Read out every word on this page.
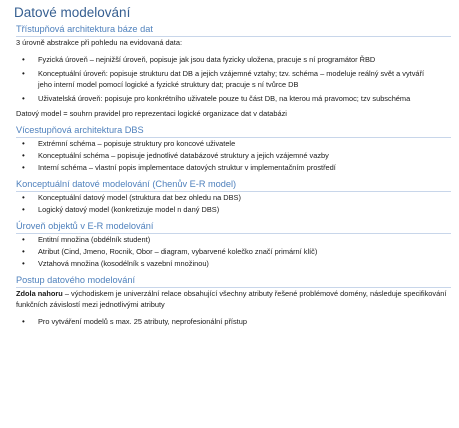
Datové modelování
Třístupňová architektura báze dat
3 úrovně abstrakce při pohledu na evidovaná data:
• Fyzická úroveň – nejnižší úroveň, popisuje jak jsou data fyzicky uložena, pracuje s ní programátor ŘBD
• Konceptuální úroveň: popisuje strukturu dat DB a jejich vzájemné vztahy; tzv. schéma – modeluje reálný svět a vytváří jeho interní model pomocí logické a fyzické struktury dat; pracuje s ní tvůrce DB
• Uživatelská úroveň: popisuje pro konkrétního uživatele pouze tu část DB, na kterou má pravomoc; tzv subschéma
Datový model = souhrn pravidel pro reprezentaci logické organizace dat v databázi
Vícestupňová architektura DBS
• Extrémní schéma – popisuje struktury pro koncové uživatele
• Konceptuální schéma – popisuje jednotlivé databázové struktury a jejich vzájemné vazby
• Interní schéma – vlastní popis implementace datových struktur v implementačním prostředí
Konceptuální datové modelování (Chenův E-R model)
• Konceptuální datový model (struktura dat bez ohledu na DBS)
• Logický datový model (konkretizuje model n daný DBS)
Úroveň objektů v E-R modelování
• Entitní množina (obdélník student)
• Atribut (Cind, Jmeno, Rocnik, Obor – diagram, vybarvené kolečko značí primární klíč)
• Vztahová množina (kosodélník s vazební množinou)
Postup datového modelování
Zdola nahoru – východiskem je univerzální relace obsahující všechny atributy řešené problémové domény, následuje specifikování funkčních závislostí mezi jednotlivými atributy
• Pro vytváření modelů s max. 25 atributy, neprofesionální přístup
